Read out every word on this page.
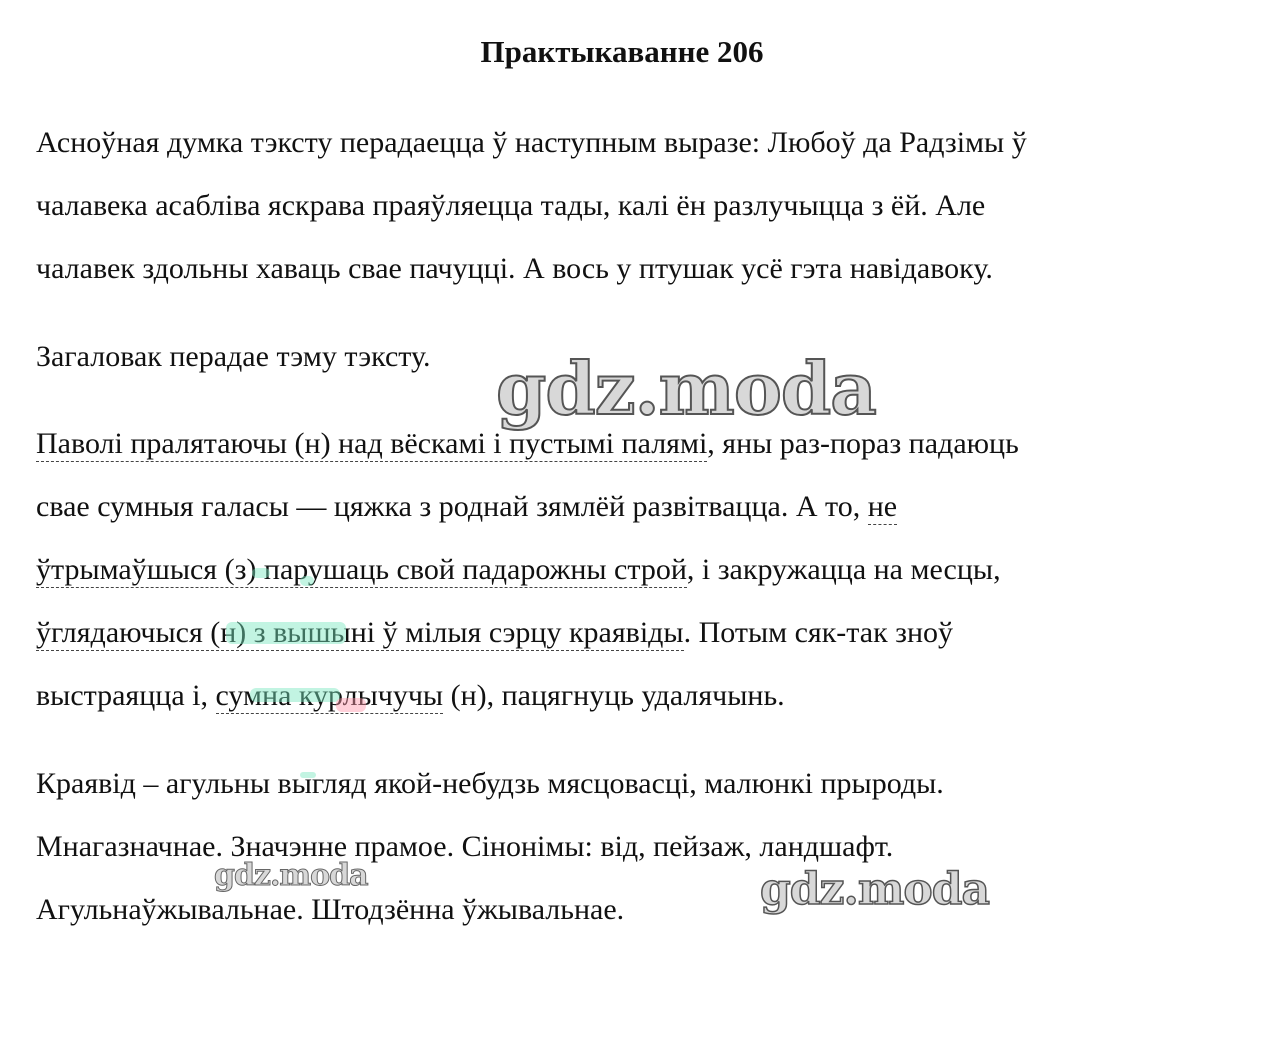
Практыкаванне 206

Асноўная думка тэксту перадаецца ў наступным выразе: Любоў да Радзімы ў
чалавека асабліва яскрава праяўляецца тады, калі ён разлучыцца з ёй. Але
чалавек здольны хаваць свае пачуцці. А вось у птушак усё гэта навідавоку.

Загаловак перадае тэму тэксту.

Паволі пралятаючы (н) над вёскамі і пустымі палямі, яны раз-пораз падаюць
свае сумныя галасы — цяжка з роднай зямлёй развітвацца. А то, не
ўтрымаўшыся (з) парушаць свой падарожны строй, і закружацца на месцы,
ўглядаючыся (н) з вышыні ў мілыя сэрцу краявіды. Потым сяк-так зноў
выстраяцца і, сумна курлычучы (н), пацягнуць удалячынь.

Краявід – агульны выгляд якой-небудзь мясцовасці, малюнкі прыроды.
Мнагазначнае. Значэнне прамое. Сінонімы: від, пейзаж, ландшафт.
Агульнаўжывальнае. Штодзённа ўжывальнае.

gdz.moda
gdz.moda	gdz.moda
